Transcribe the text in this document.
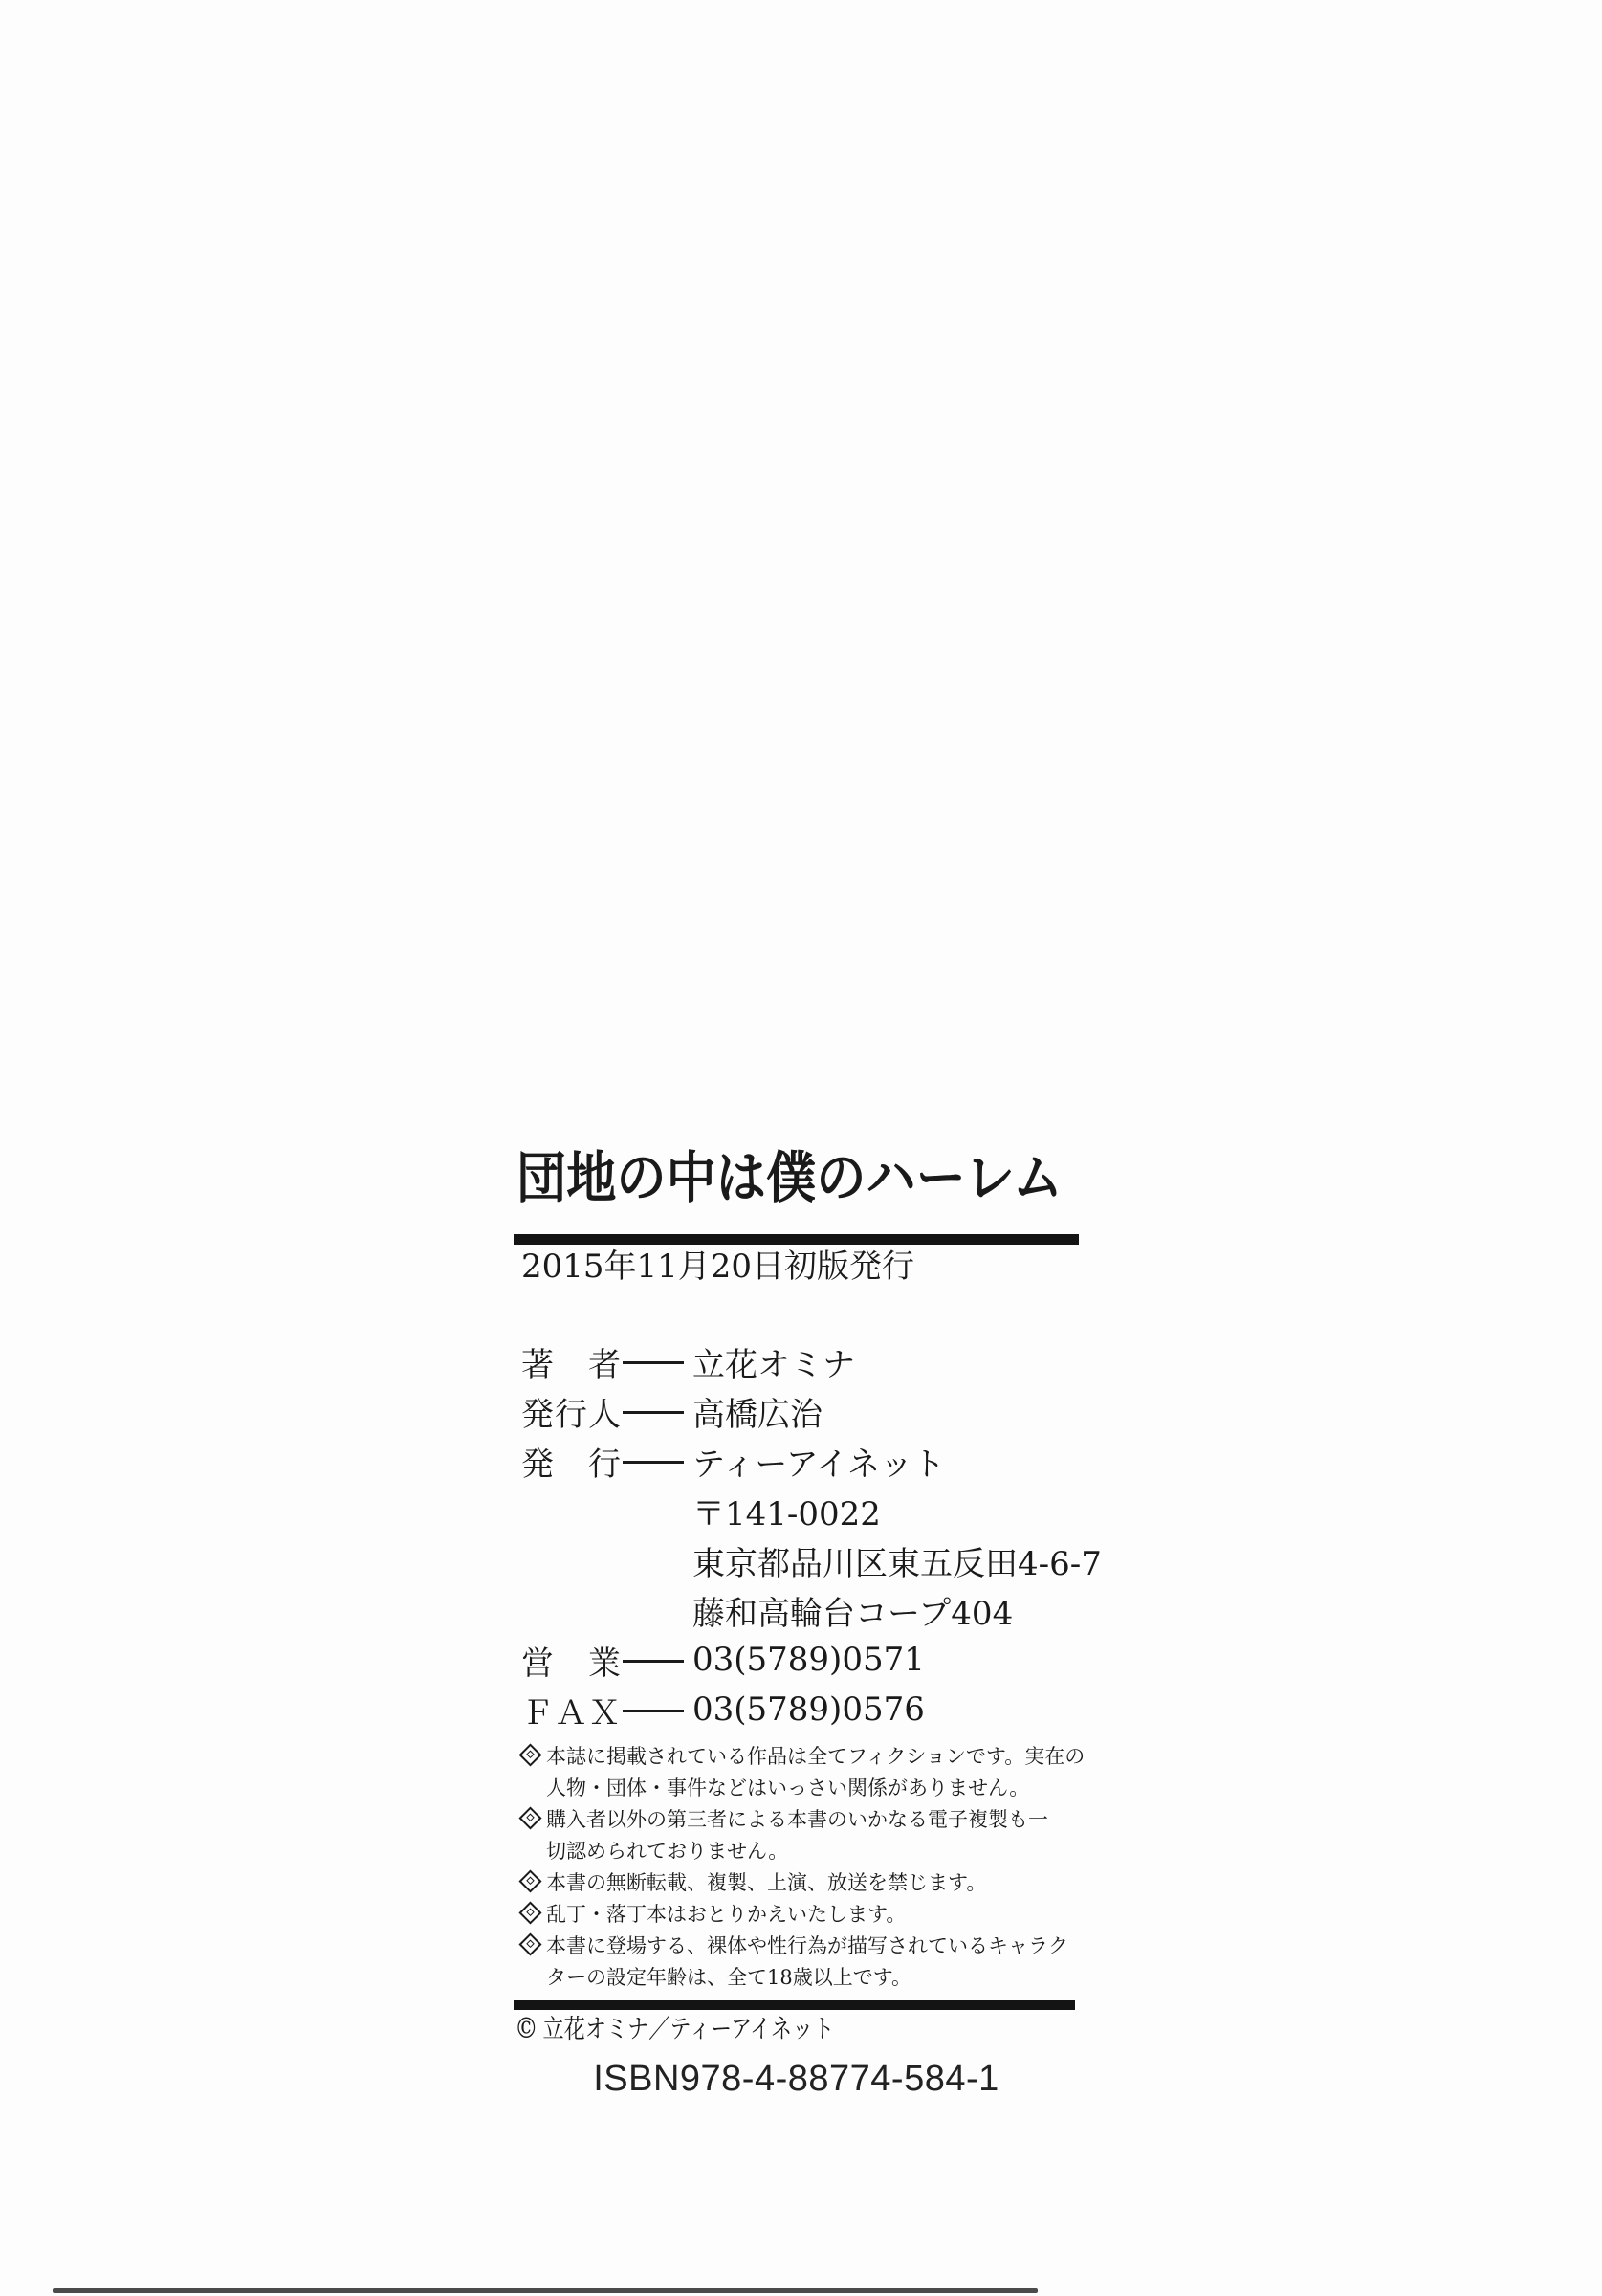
団地の中は僕のハーレム
2015年11月20日初版発行
著者 立花オミナ
発行人 高橋広治
発行 ティーアイネット
〒141-0022
東京都品川区東五反田4-6-7
藤和高輪台コープ404
営業 03(5789)0571
ＦＡＸ 03(5789)0576
本誌に掲載されている作品は全てフィクションです。実在の
人物・団体・事件などはいっさい関係がありません。
購入者以外の第三者による本書のいかなる電子複製も一
切認められておりません。
本書の無断転載、複製、上演、放送を禁じます。
乱丁・落丁本はおとりかえいたします。
本書に登場する、裸体や性行為が描写されているキャラク
ターの設定年齢は、全て18歳以上です。
© 立花オミナ／ティーアイネット
ISBN978-4-88774-584-1
